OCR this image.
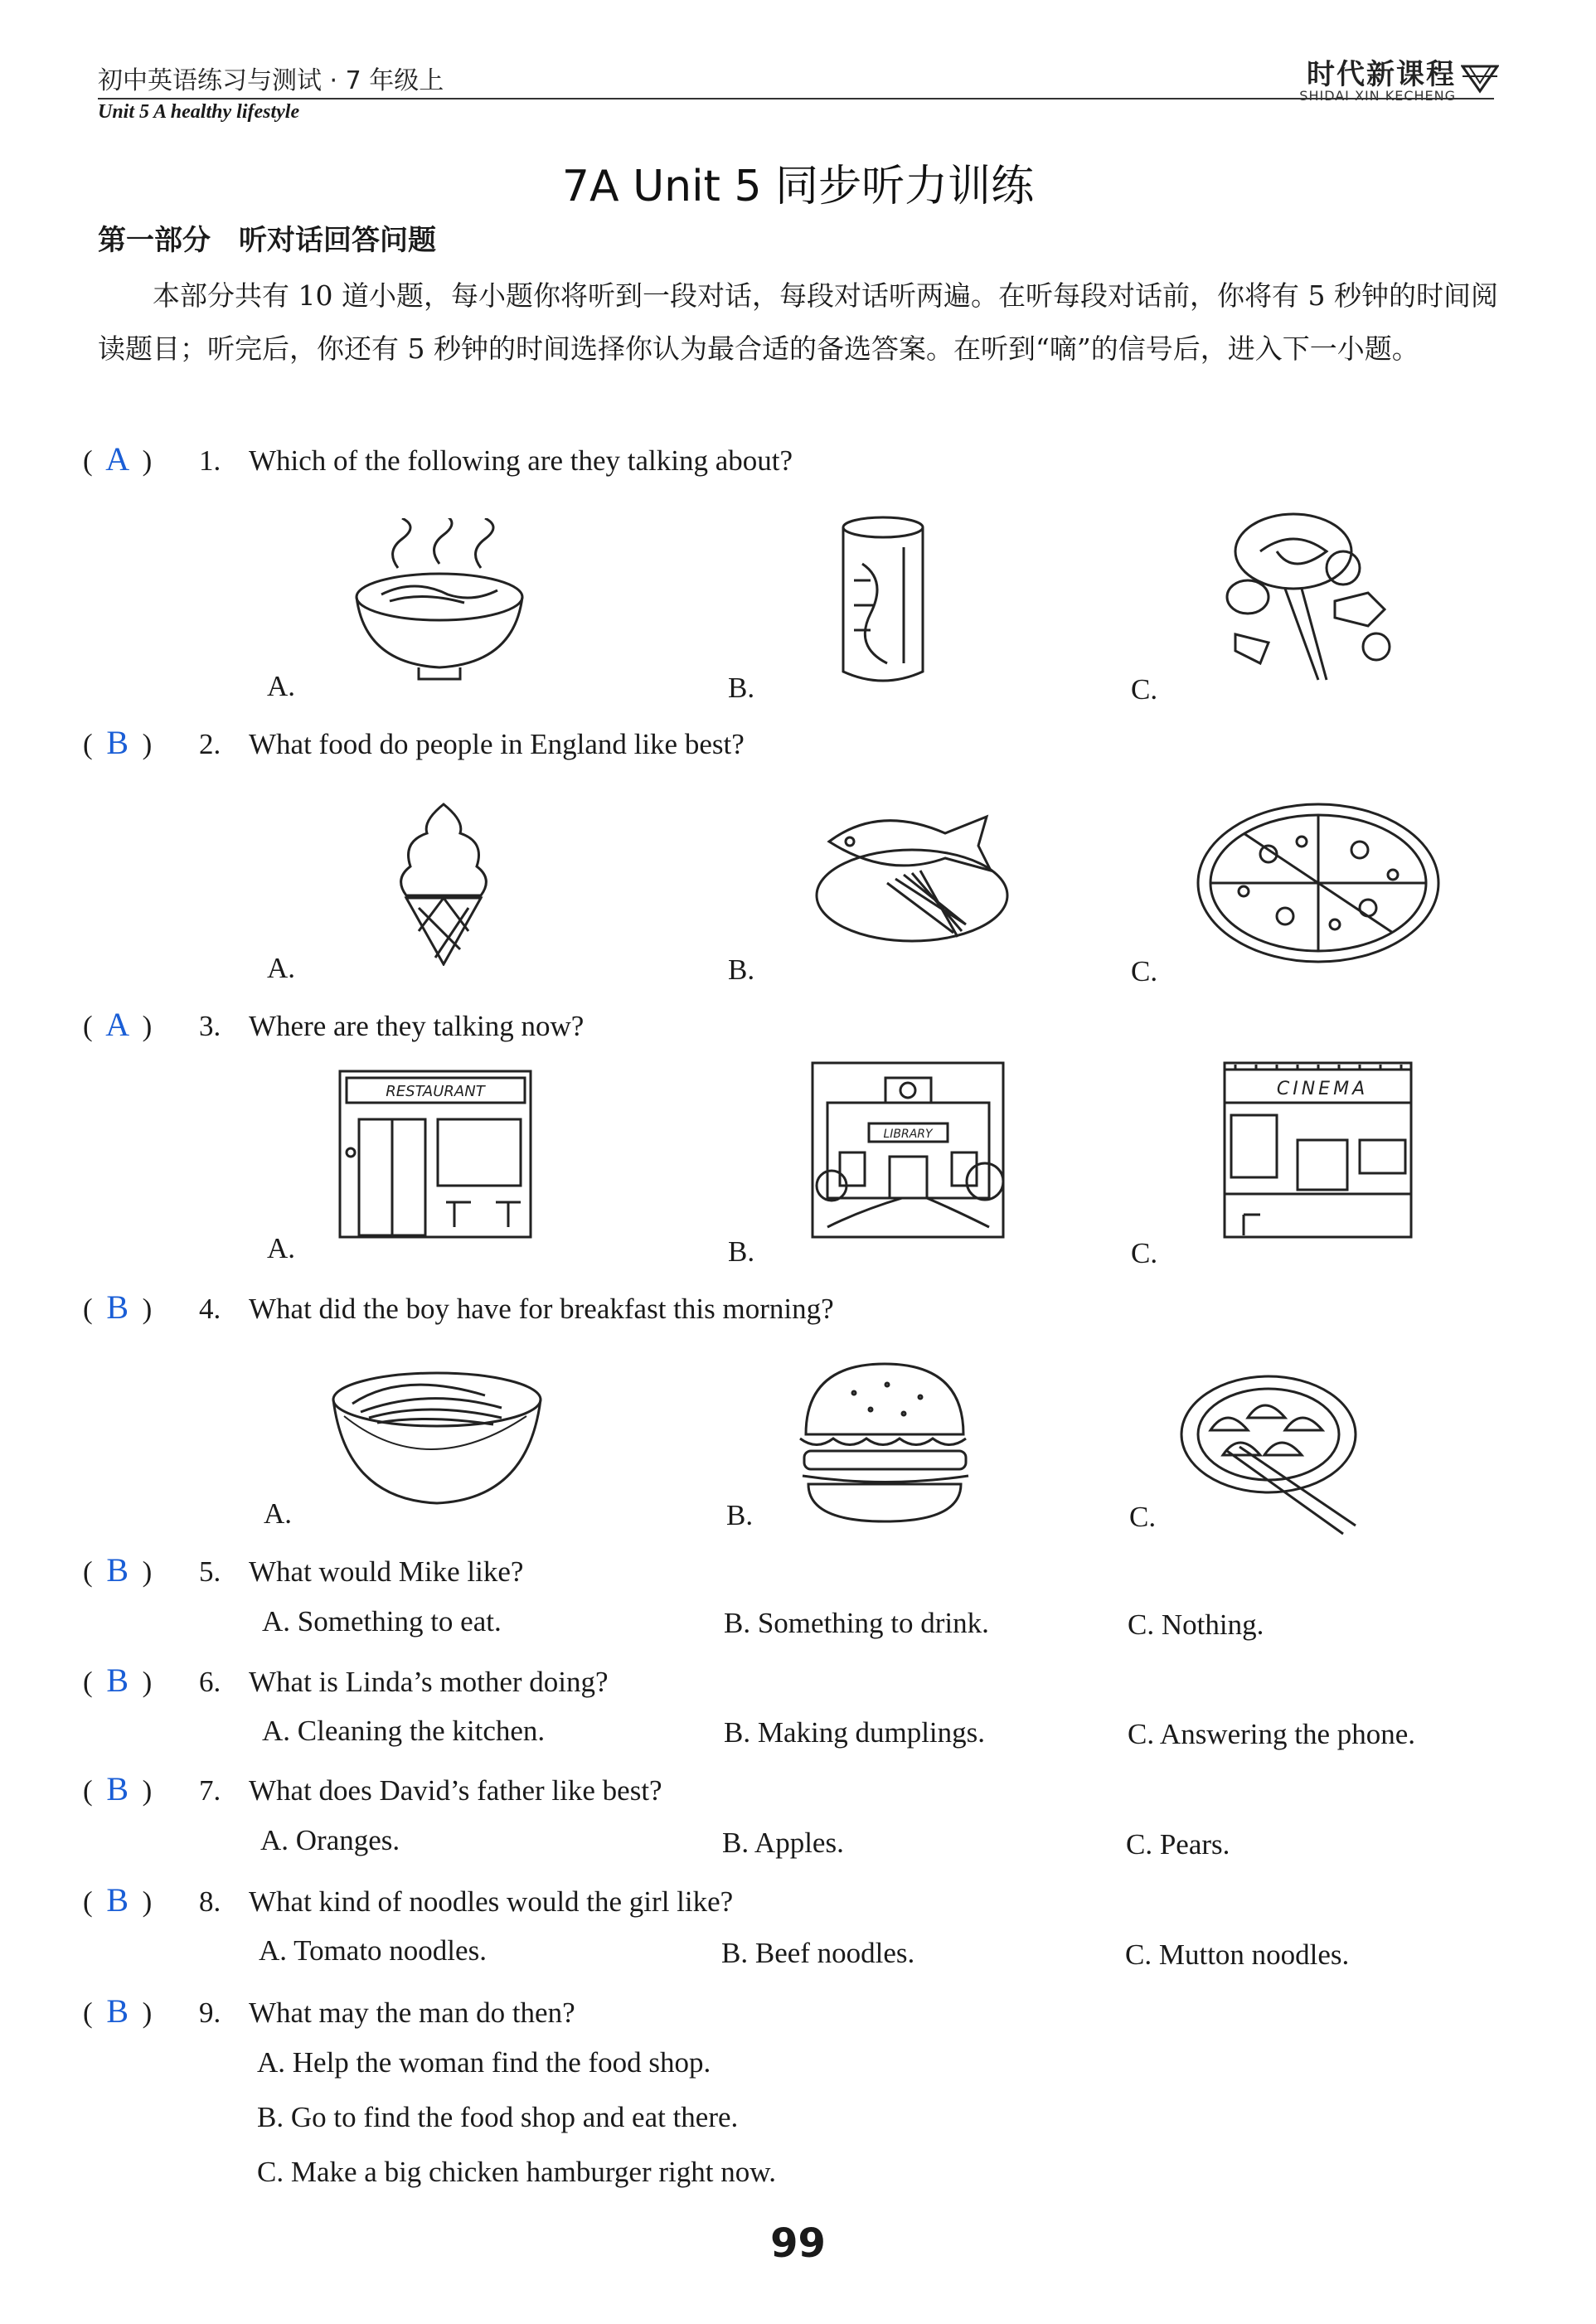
初中英语练习与测试 · 7 年级上
Unit 5 A healthy lifestyle
时代新课程
SHIDAI XIN KECHENG
7A Unit 5 同步听力训练
第一部分　听对话回答问题
本部分共有 10 道小题，每小题你将听到一段对话，每段对话听两遍。在听每段对话前，你将有 5 秒钟的时间阅读题目；听完后，你还有 5 秒钟的时间选择你认为最合适的备选答案。在听到“嘀”的信号后，进入下一小题。
( A ) 1. Which of the following are they talking about?
A.	B.	C.
( B ) 2. What food do people in England like best?
A.	B.	C.
( A ) 3. Where are they talking now?
A.	B.	C.
RESTAURANT
LIBRARY
CINEMA
( B ) 4. What did the boy have for breakfast this morning?
A.	B.	C.
( B ) 5. What would Mike like?
A. Something to eat.	B. Something to drink.	C. Nothing.
( B ) 6. What is Linda’s mother doing?
A. Cleaning the kitchen.	B. Making dumplings.	C. Answering the phone.
( B ) 7. What does David’s father like best?
A. Oranges.	B. Apples.	C. Pears.
( B ) 8. What kind of noodles would the girl like?
A. Tomato noodles.	B. Beef noodles.	C. Mutton noodles.
( B ) 9. What may the man do then?
A. Help the woman find the food shop.
B. Go to find the food shop and eat there.
C. Make a big chicken hamburger right now.
99
